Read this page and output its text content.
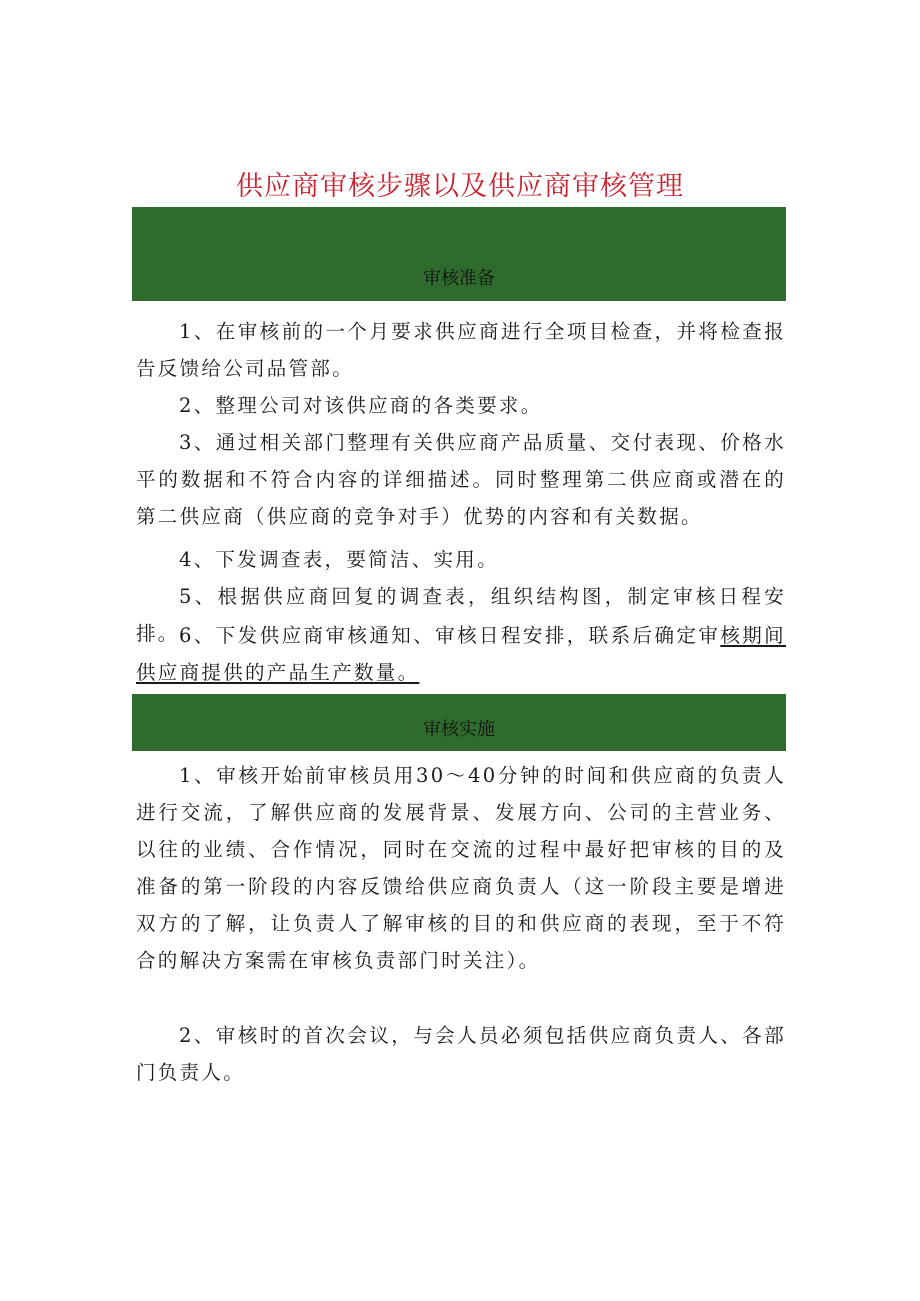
供应商审核步骤以及供应商审核管理
审核准备

1、在审核前的一个月要求供应商进行全项目检查，并将检查报告反馈给公司品管部。

2、整理公司对该供应商的各类要求。

3、通过相关部门整理有关供应商产品质量、交付表现、价格水平的数据和不符合内容的详细描述。同时整理第二供应商或潜在的第二供应商（供应商的竞争对手）优势的内容和有关数据。

4、下发调查表，要简洁、实用。

5、根据供应商回复的调查表，组织结构图，制定审核日程安排。 6、下发供应商审核通知、审核日程安排，联系后确定审核期间供应商提供的产品生产数量。

审核实施

1、审核开始前审核员用30～40分钟的时间和供应商的负责人进行交流，了解供应商的发展背景、发展方向、公司的主营业务、以往的业绩、合作情况，同时在交流的过程中最好把审核的目的及准备的第一阶段的内容反馈给供应商负责人（这一阶段主要是增进双方的了解，让负责人了解审核的目的和供应商的表现，至于不符合的解决方案需在审核负责部门时关注）。

2、审核时的首次会议，与会人员必须包括供应商负责人、各部门负责人。
